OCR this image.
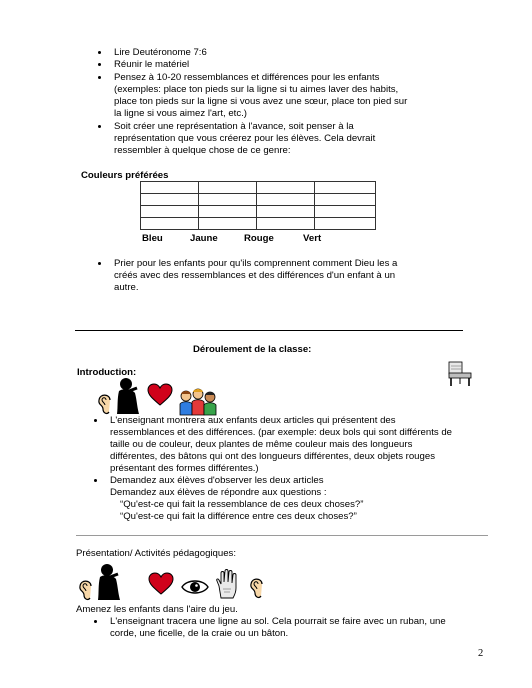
Lire Deutéronome 7:6
Réunir le matériel
Pensez à 10-20 ressemblances et différences pour les enfants
(exemples: place ton pieds sur la ligne si tu aimes laver des habits,
place ton pieds sur la ligne si vous avez une sœur, place ton pied sur
la ligne si vous aimez l'art, etc.)
Soit créer une représentation à l'avance, soit penser à la
représentation que vous créerez pour les élèves. Cela devrait
ressembler à quelque chose de ce genre:
Couleurs préférées
Bleu	Jaune	Rouge	Vert
Prier pour les enfants pour qu'ils comprennent comment Dieu les a
créés avec des ressemblances et des différences d'un enfant à un
autre.
Déroulement de la classe:
Introduction:
L'enseignant montrera aux enfants deux articles qui présentent des
ressemblances et des différences. (par exemple: deux bols qui sont différents de
taille ou de couleur, deux plantes de même couleur mais des longueurs
différentes, des bâtons qui ont des longueurs différentes, deux objets rouges
présentant des formes différentes.)
Demandez aux élèves d'observer les deux articles
Demandez aux élèves de répondre aux questions :
“Qu'est-ce qui fait la ressemblance de ces deux choses?”
“Qu'est-ce qui fait la différence entre ces deux choses?”
Présentation/ Activités pédagogiques:
Amenez les enfants dans l'aire du jeu.
L'enseignant tracera une ligne au sol. Cela pourrait se faire avec un ruban, une
corde, une ficelle, de la craie ou un bâton.
2
